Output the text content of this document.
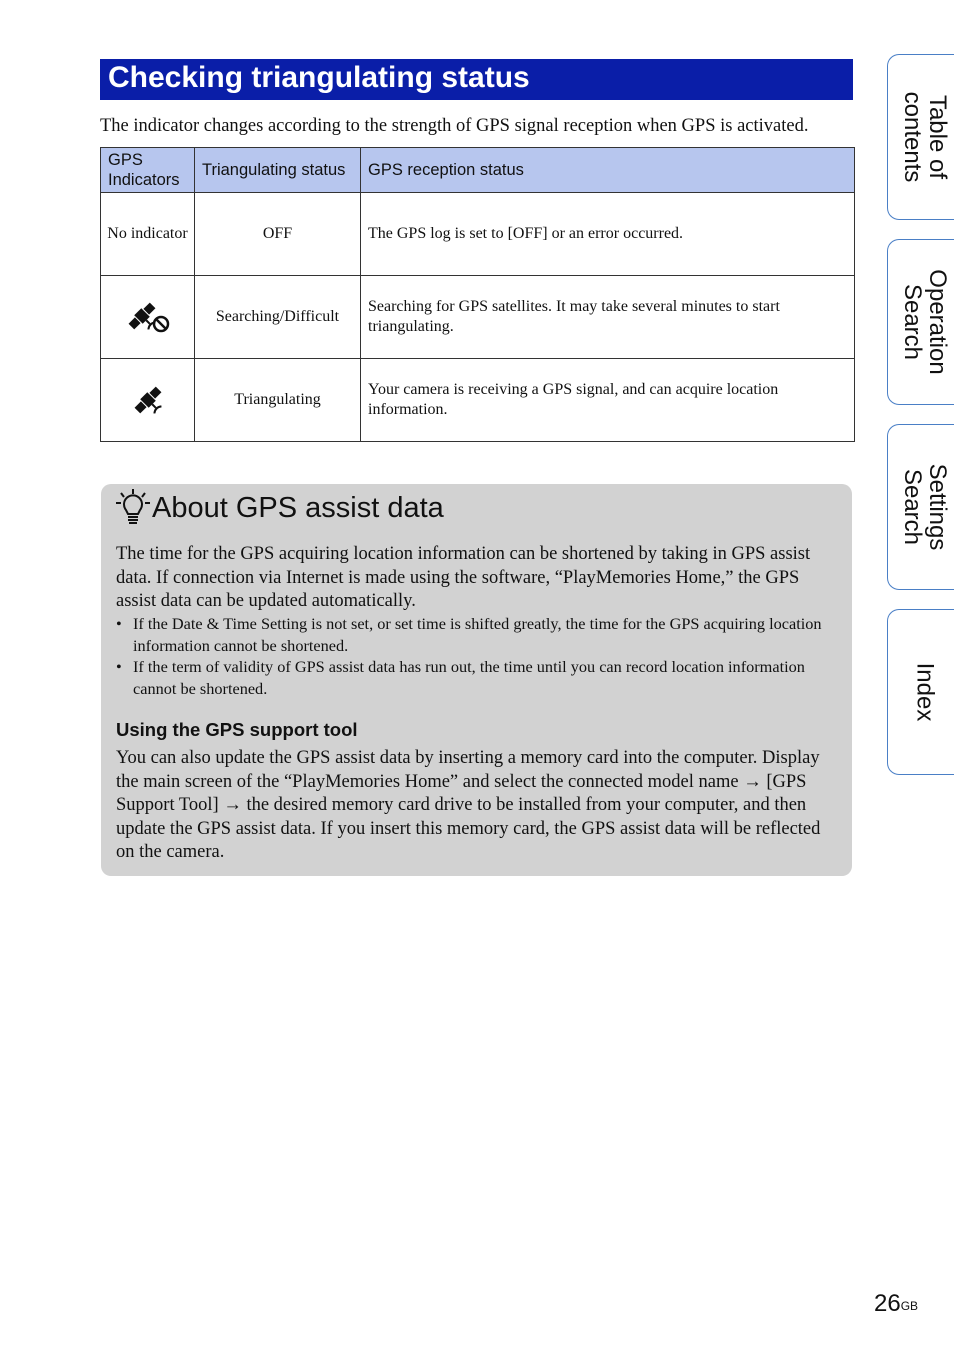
Checking triangulating status
The indicator changes according to the strength of GPS signal reception when GPS is activated.
GPS Indicators	Triangulating status	GPS reception status
No indicator	OFF	The GPS log is set to [OFF] or an error occurred.

	Searching/Difficult	Searching for GPS satellites. It may take several minutes to start triangulating.

	Triangulating	Your camera is receiving a GPS signal, and can acquire location information.
About GPS assist data
The time for the GPS acquiring location information can be shortened by taking in GPS assist data. If connection via Internet is made using the software, “PlayMemories Home,” the GPS assist data can be updated automatically.
• If the Date & Time Setting is not set, or set time is shifted greatly, the time for the GPS acquiring location information cannot be shortened.
• If the term of validity of GPS assist data has run out, the time until you can record location information cannot be shortened.
Using the GPS support tool
You can also update the GPS assist data by inserting a memory card into the computer. Display the main screen of the “PlayMemories Home” and select the connected model name → [GPS Support Tool] → the desired memory card drive to be installed from your computer, and then update the GPS assist data. If you insert this memory card, the GPS assist data will be reflected on the camera.
Table of
contents
Operation
Search
Settings
Search
Index
$26^{GB}$
